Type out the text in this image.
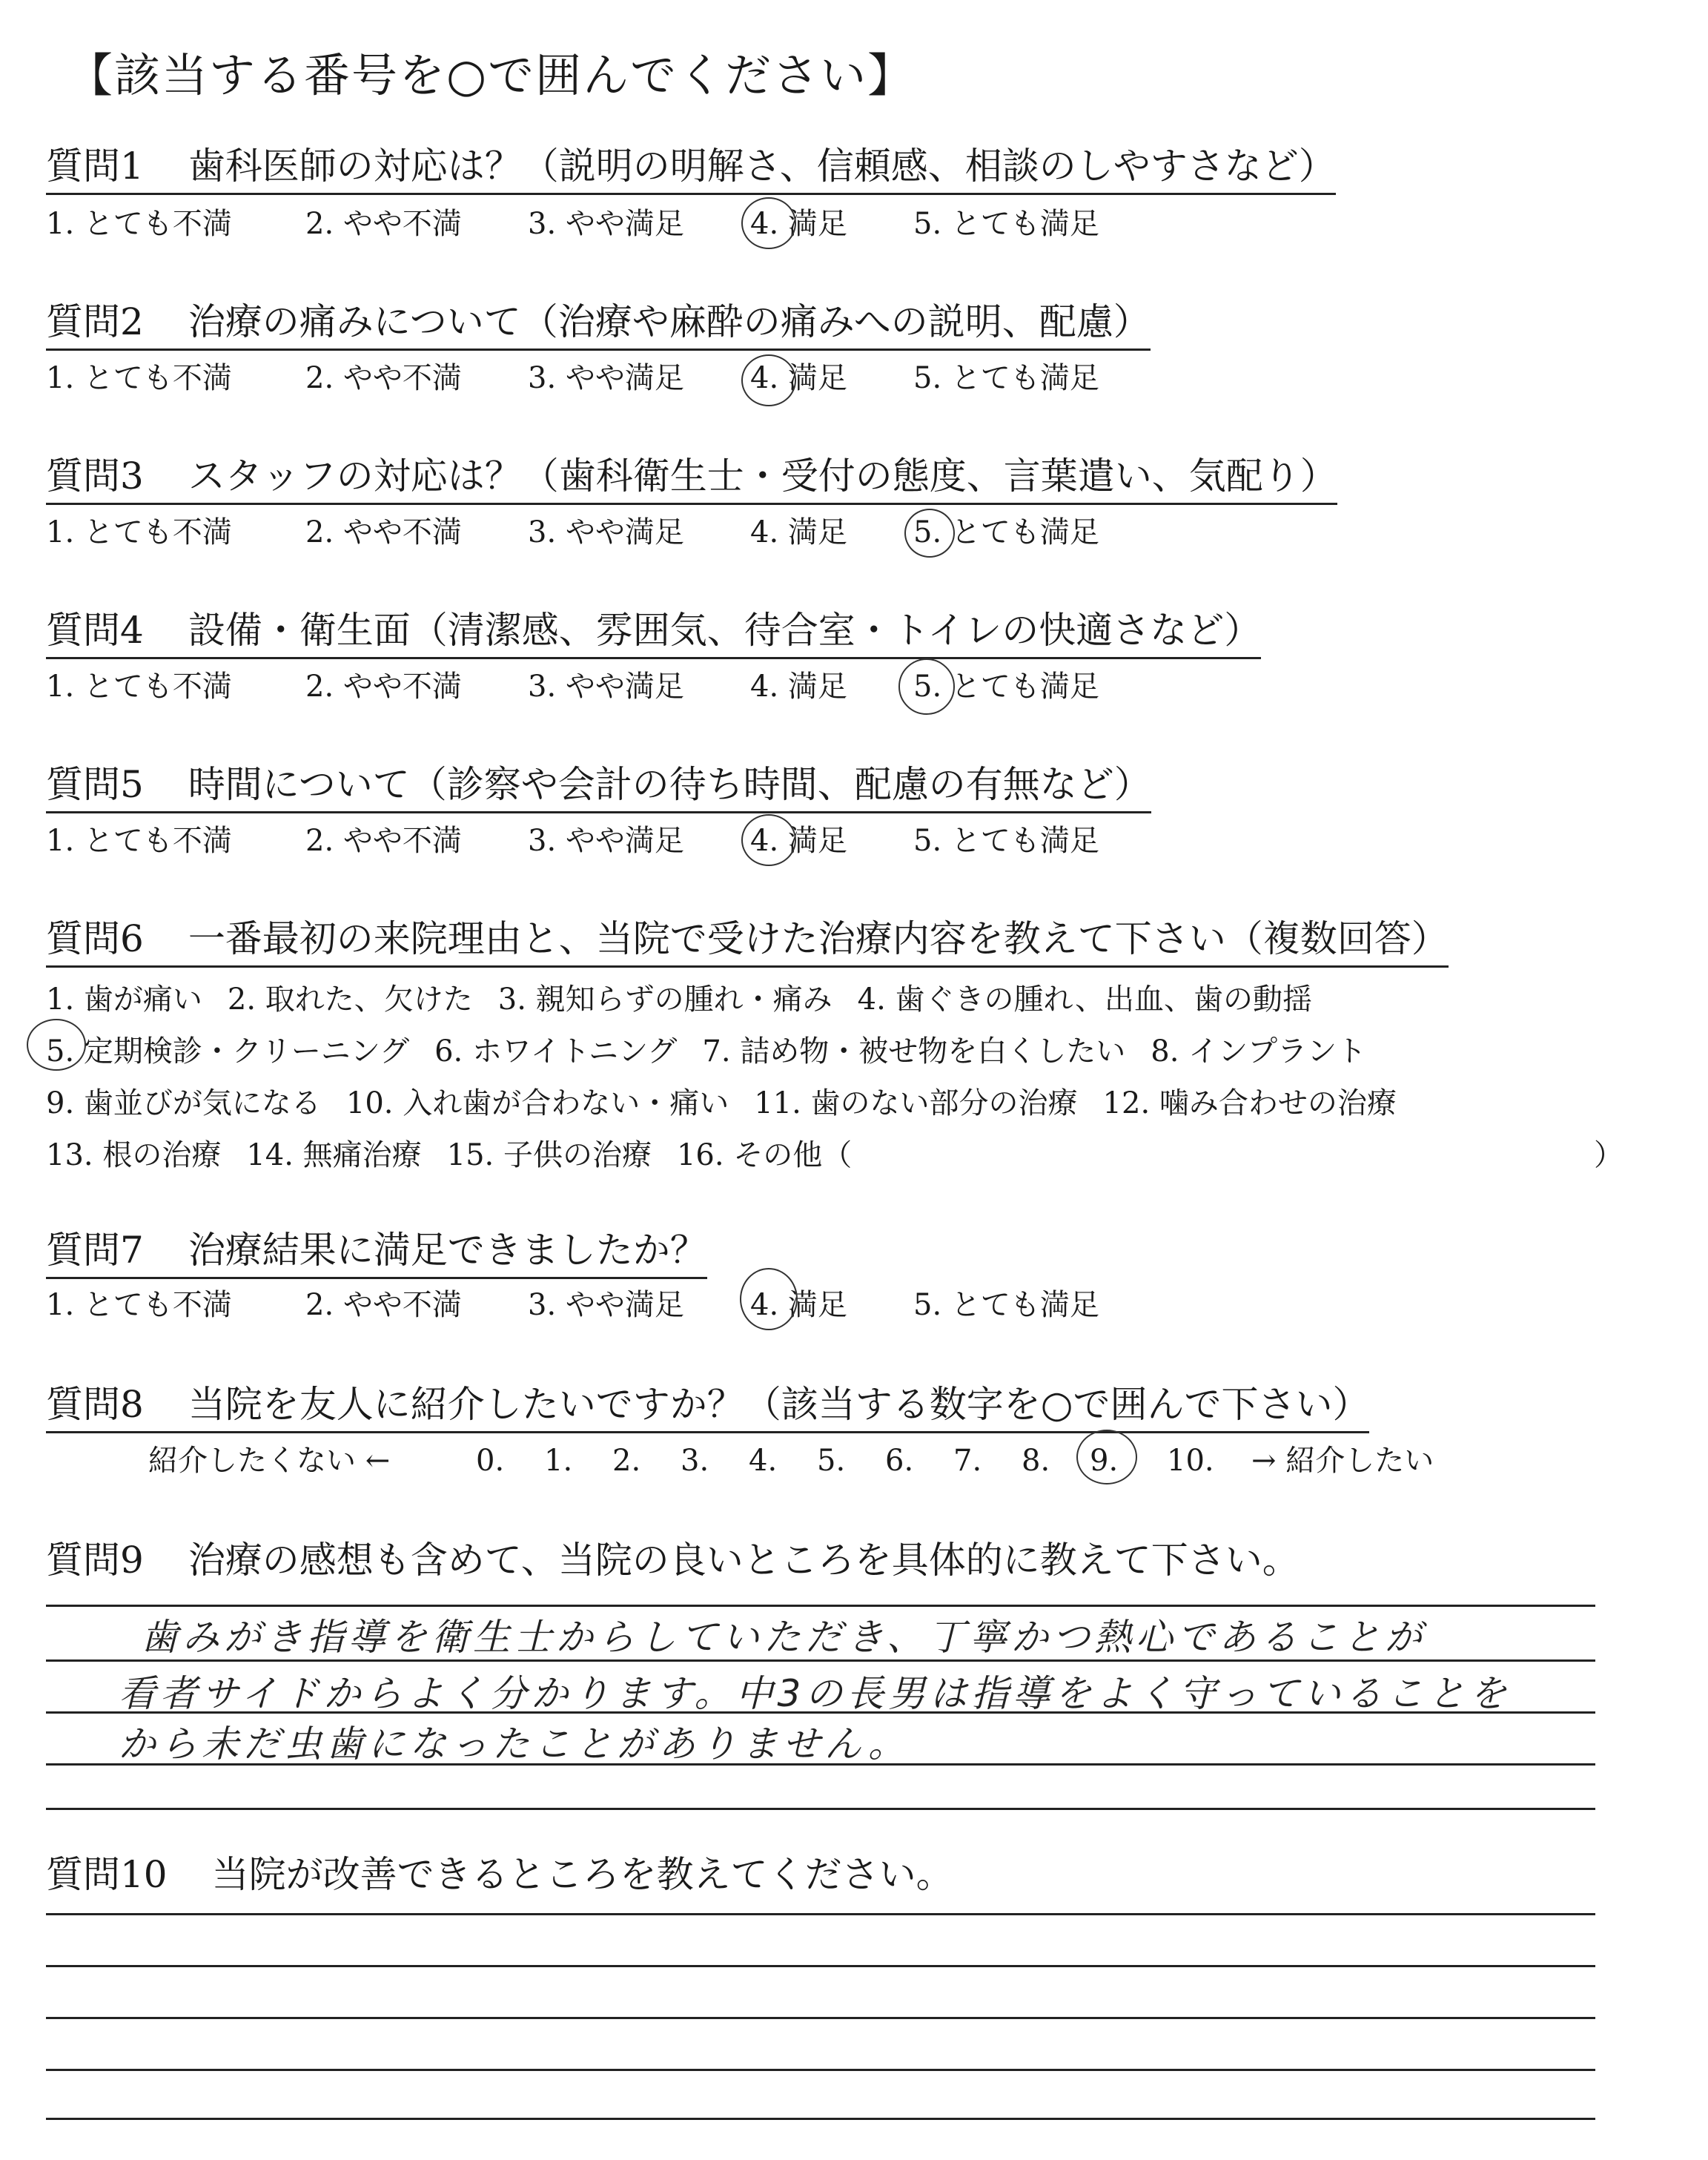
【該当する番号を○で囲んでください】
質問1 歯科医師の対応は？（説明の明解さ、信頼感、相談のしやすさなど）
1. とても不満 2. やや不満 3. やや満足 4. 満足 5. とても満足
質問2 治療の痛みについて（治療や麻酔の痛みへの説明、配慮）
1. とても不満 2. やや不満 3. やや満足 4. 満足 5. とても満足
質問3 スタッフの対応は？（歯科衛生士・受付の態度、言葉遣い、気配り）
1. とても不満 2. やや不満 3. やや満足 4. 満足 5. とても満足
質問4 設備・衛生面（清潔感、雰囲気、待合室・トイレの快適さなど）
1. とても不満 2. やや不満 3. やや満足 4. 満足 5. とても満足
質問5 時間について（診察や会計の待ち時間、配慮の有無など）
1. とても不満 2. やや不満 3. やや満足 4. 満足 5. とても満足
質問6 一番最初の来院理由と、当院で受けた治療内容を教えて下さい（複数回答）
1. 歯が痛い 2. 取れた、欠けた 3. 親知らずの腫れ・痛み 4. 歯ぐきの腫れ、出血、歯の動揺
5. 定期検診・クリーニング 6. ホワイトニング 7. 詰め物・被せ物を白くしたい 8. インプラント
9. 歯並びが気になる 10. 入れ歯が合わない・痛い 11. 歯のない部分の治療 12. 噛み合わせの治療
13. 根の治療 14. 無痛治療 15. 子供の治療 16. その他（	）
質問7 治療結果に満足できましたか？
1. とても不満 2. やや不満 3. やや満足 4. 満足 5. とても満足
質問8 当院を友人に紹介したいですか？（該当する数字を○で囲んで下さい）
紹介したくない ←	0. 1. 2. 3. 4. 5. 6. 7. 8. 9. 10. → 紹介したい
質問9 治療の感想も含めて、当院の良いところを具体的に教えて下さい。
歯みがき指導を衛生士からしていただき、丁寧かつ熱心であることが
看者サイドからよく分かります。中3の長男は指導をよく守っていることを
から未だ虫歯になったことがありません。
質問10 当院が改善できるところを教えてください。
